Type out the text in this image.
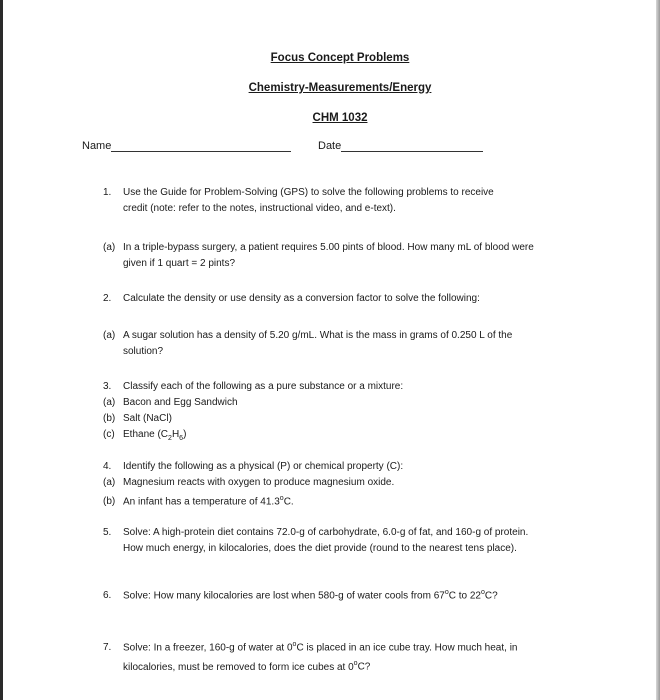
Focus Concept Problems
Chemistry-Measurements/Energy
CHM 1032
Name	Date
1. Use the Guide for Problem-Solving (GPS) to solve the following problems to receive
credit (note: refer to the notes, instructional video, and e-text).
(a) In a triple-bypass surgery, a patient requires 5.00 pints of blood. How many mL of blood were
given if 1 quart = 2 pints?
2. Calculate the density or use density as a conversion factor to solve the following:
(a) A sugar solution has a density of 5.20 g/mL. What is the mass in grams of 0.250 L of the
solution?
3. Classify each of the following as a pure substance or a mixture:
(a) Bacon and Egg Sandwich
(b) Salt (NaCl)
(c) Ethane $(C_2H_6)$
4. Identify the following as a physical (P) or chemical property (C):
(a) Magnesium reacts with oxygen to produce magnesium oxide.
(b) An infant has a temperature of 41.3$^o$C.
5. Solve: A high-protein diet contains 72.0-g of carbohydrate, 6.0-g of fat, and 160-g of protein.
How much energy, in kilocalories, does the diet provide (round to the nearest tens place).
6. Solve: How many kilocalories are lost when 580-g of water cools from 67$^o$C to 22$^o$C?
7. Solve: In a freezer, 160-g of water at 0$^o$C is placed in an ice cube tray. How much heat, in
kilocalories, must be removed to form ice cubes at 0$^o$C?
